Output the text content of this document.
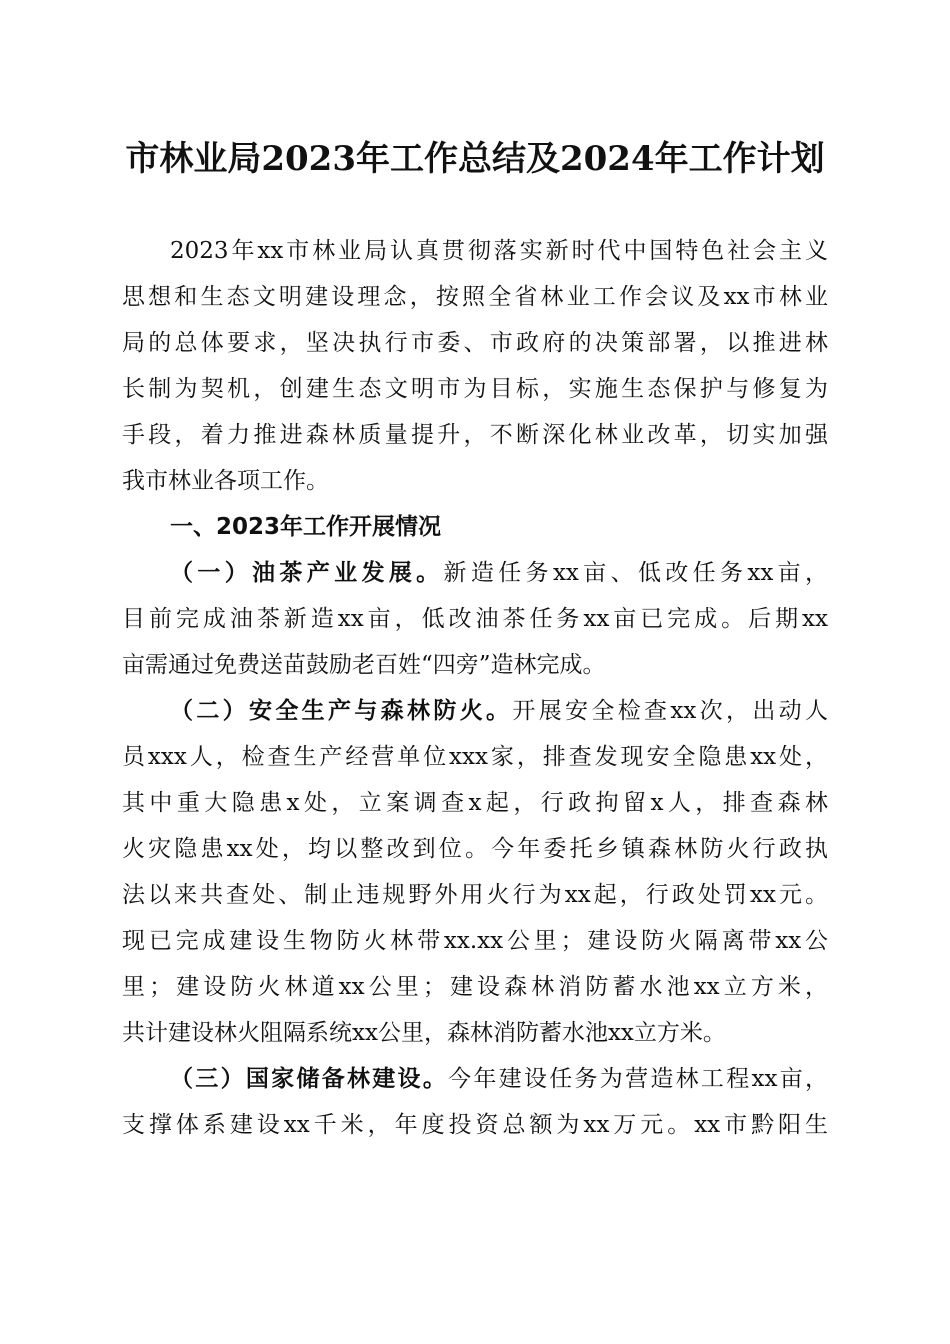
市林业局2023年工作总结及2024年工作计划
2023年xx市林业局认真贯彻落实新时代中国特色社会主义
思想和生态文明建设理念，按照全省林业工作会议及xx市林业
局的总体要求，坚决执行市委、市政府的决策部署，以推进林
长制为契机，创建生态文明市为目标，实施生态保护与修复为
手段，着力推进森林质量提升，不断深化林业改革，切实加强
我市林业各项工作。
一、2023年工作开展情况
（一）油茶产业发展。新造任务xx亩、低改任务xx亩，
目前完成油茶新造xx亩，低改油茶任务xx亩已完成。后期xx
亩需通过免费送苗鼓励老百姓“四旁”造林完成。
（二）安全生产与森林防火。开展安全检查xx次，出动人
员xxx人，检查生产经营单位xxx家，排查发现安全隐患xx处，
其中重大隐患x处，立案调查x起，行政拘留x人，排查森林
火灾隐患xx处，均以整改到位。今年委托乡镇森林防火行政执
法以来共查处、制止违规野外用火行为xx起，行政处罚xx元。
现已完成建设生物防火林带xx.xx公里；建设防火隔离带xx公
里；建设防火林道xx公里；建设森林消防蓄水池xx立方米，
共计建设林火阻隔系统xx公里，森林消防蓄水池xx立方米。
（三）国家储备林建设。今年建设任务为营造林工程xx亩，
支撑体系建设xx千米，年度投资总额为xx万元。xx市黔阳生
